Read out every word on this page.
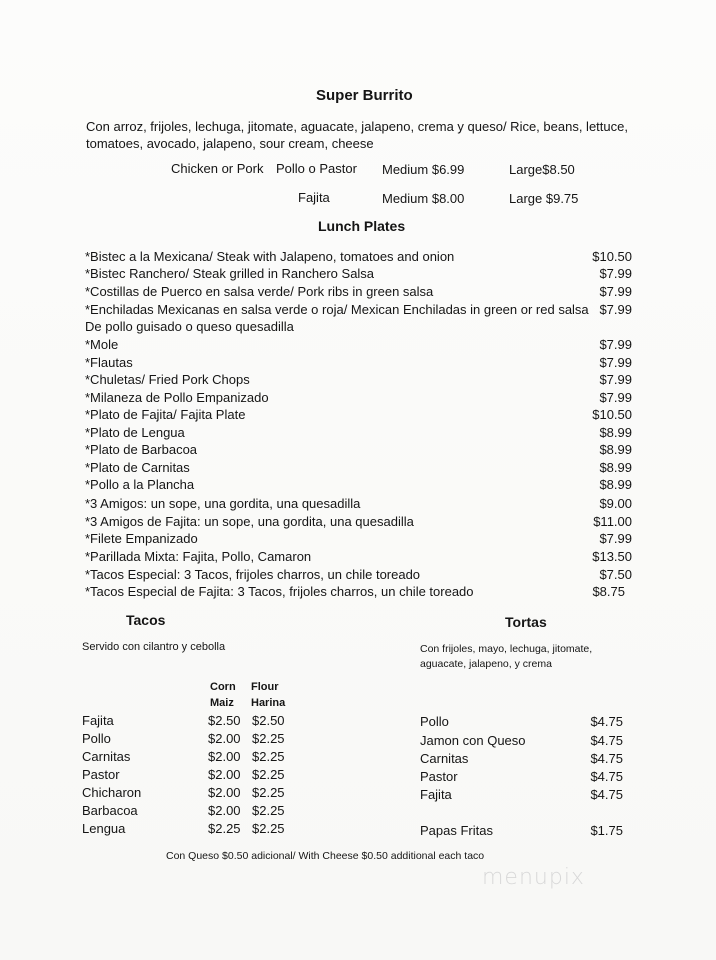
Super Burrito
Con arroz, frijoles, lechuga, jitomate, aguacate, jalapeno, crema y queso/ Rice, beans, lettuce,
tomatoes, avocado, jalapeno, sour cream, cheese
Chicken or Pork Pollo o Pastor Medium $6.99	Large$8.50
Fajita	Medium $8.00	Large $9.75
Lunch Plates
*Bistec a la Mexicana/ Steak with Jalapeno, tomatoes and onion	$10.50
*Bistec Ranchero/ Steak grilled in Ranchero Salsa	$7.99
*Costillas de Puerco en salsa verde/ Pork ribs in green salsa	$7.99
*Enchiladas Mexicanas en salsa verde o roja/ Mexican Enchiladas in green or red salsa $7.99
De pollo guisado o queso quesadilla
*Mole	$7.99
*Flautas	$7.99
*Chuletas/ Fried Pork Chops	$7.99
*Milaneza de Pollo Empanizado	$7.99
*Plato de Fajita/ Fajita Plate	$10.50
*Plato de Lengua	$8.99
*Plato de Barbacoa	$8.99
*Plato de Carnitas	$8.99
*Pollo a la Plancha	$8.99
*3 Amigos: un sope, una gordita, una quesadilla	$9.00
*3 Amigos de Fajita: un sope, una gordita, una quesadilla	$11.00
*Filete Empanizado	$7.99
*Parillada Mixta: Fajita, Pollo, Camaron	$13.50
*Tacos Especial: 3 Tacos, frijoles charros, un chile toreado	$7.50
*Tacos Especial de Fajita: 3 Tacos, frijoles charros, un chile toreado	$8.75
Tacos
Servido con cilantro y cebolla
Corn Flour
Maiz Harina
Fajita	$2.50 $2.50
Pollo	$2.00 $2.25
Carnitas	$2.00 $2.25
Pastor	$2.00 $2.25
Chicharon	$2.00 $2.25
Barbacoa	$2.00 $2.25
Lengua	$2.25 $2.25
Con Queso $0.50 adicional/ With Cheese $0.50 additional each taco
Tortas
Con frijoles, mayo, lechuga, jitomate,
aguacate, jalapeno, y crema
Pollo	$4.75
Jamon con Queso	$4.75
Carnitas	$4.75
Pastor	$4.75
Fajita	$4.75
Papas Fritas	$1.75
menupix
